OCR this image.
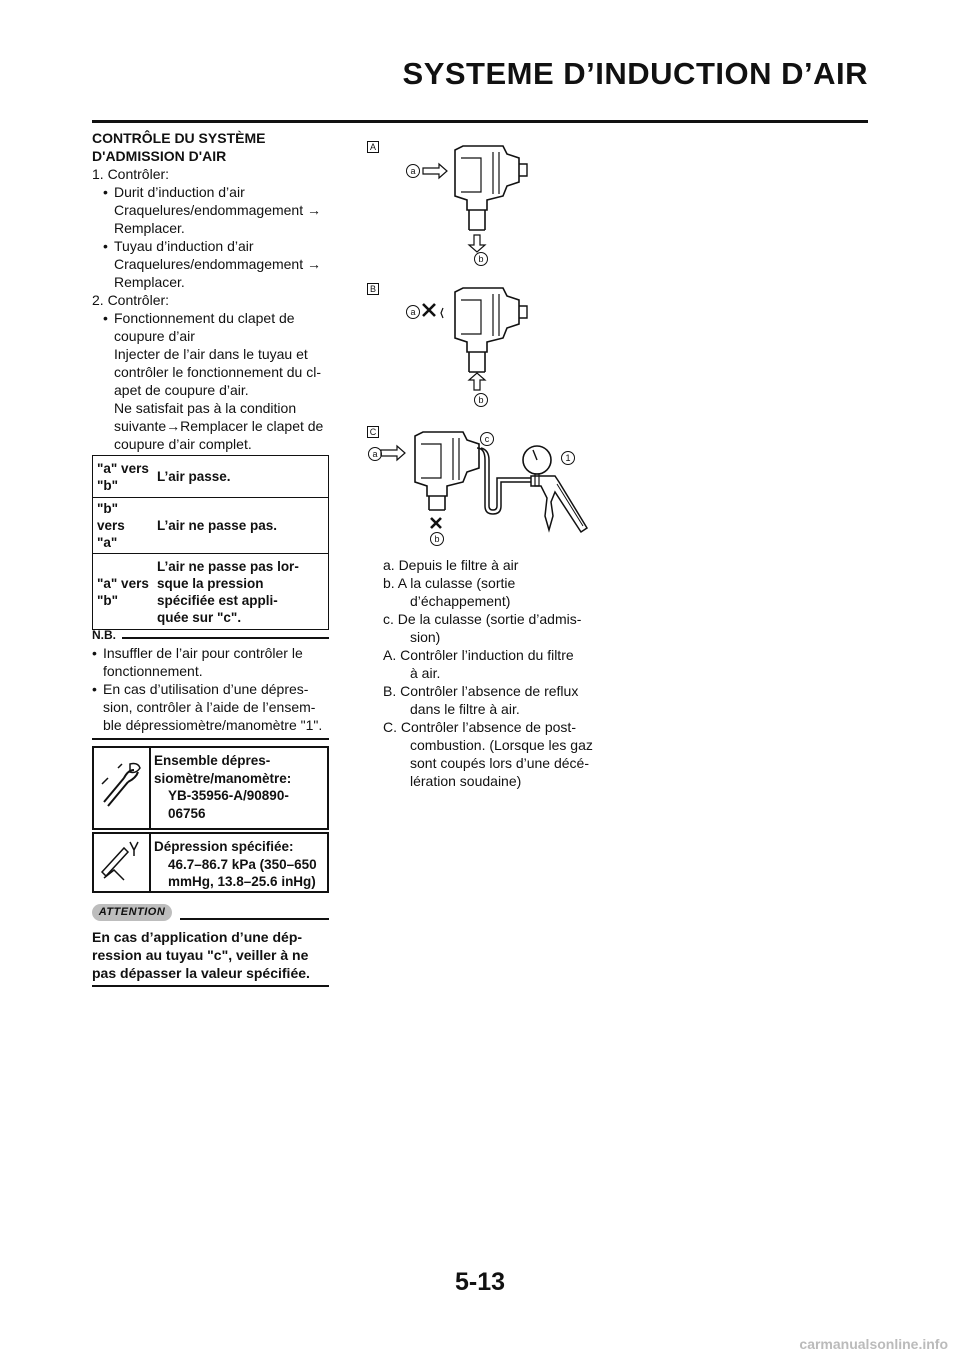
SYSTEME D’INDUCTION D’AIR
CONTRÔLE DU SYSTÈME
D'ADMISSION D'AIR
1. Contrôler:
• Durit d’induction d’air
Craquelures/endommagement →
Remplacer.
• Tuyau d’induction d’air
Craquelures/endommagement →
Remplacer.
2. Contrôler:
• Fonctionnement du clapet de
coupure d’air
Injecter de l’air dans le tuyau et
contrôler le fonctionnement du cl-
apet de coupure d’air.
Ne satisfait pas à la condition
suivante→Remplacer le clapet de
coupure d’air complet.
"a" vers
"b"	L’air passe.
"b" vers
"a"	L’air ne passe pas.
"a" vers
"b"	L’air ne passe pas lor-
sque la pression
spécifiée est appli-
quée sur "c".
N.B.
• Insuffler de l’air pour contrôler le
fonctionnement.
• En cas d’utilisation d’une dépres-
sion, contrôler à l’aide de l’ensem-
ble dépressiomètre/manomètre "1".
Ensemble dépres-
siomètre/manomètre:
YB-35956-A/90890-
06756
Dépression spécifiée:
46.7–86.7 kPa (350–650
mmHg, 13.8–25.6 inHg)
ATTENTION
En cas d’application d’une dép-
ression au tuyau "c", veiller à ne
pas dépasser la valeur spécifiée.
A
a
b
B
a
b
C
a
b
c
1
a. Depuis le filtre à air
b. A la culasse (sortie
d’échappement)
c. De la culasse (sortie d’admis-
sion)
A. Contrôler l’induction du filtre
à air.
B. Contrôler l’absence de reflux
dans le filtre à air.
C. Contrôler l’absence de post-
combustion. (Lorsque les gaz
sont coupés lors d’une décé-
lération soudaine)
5-13
carmanualsonline.info
